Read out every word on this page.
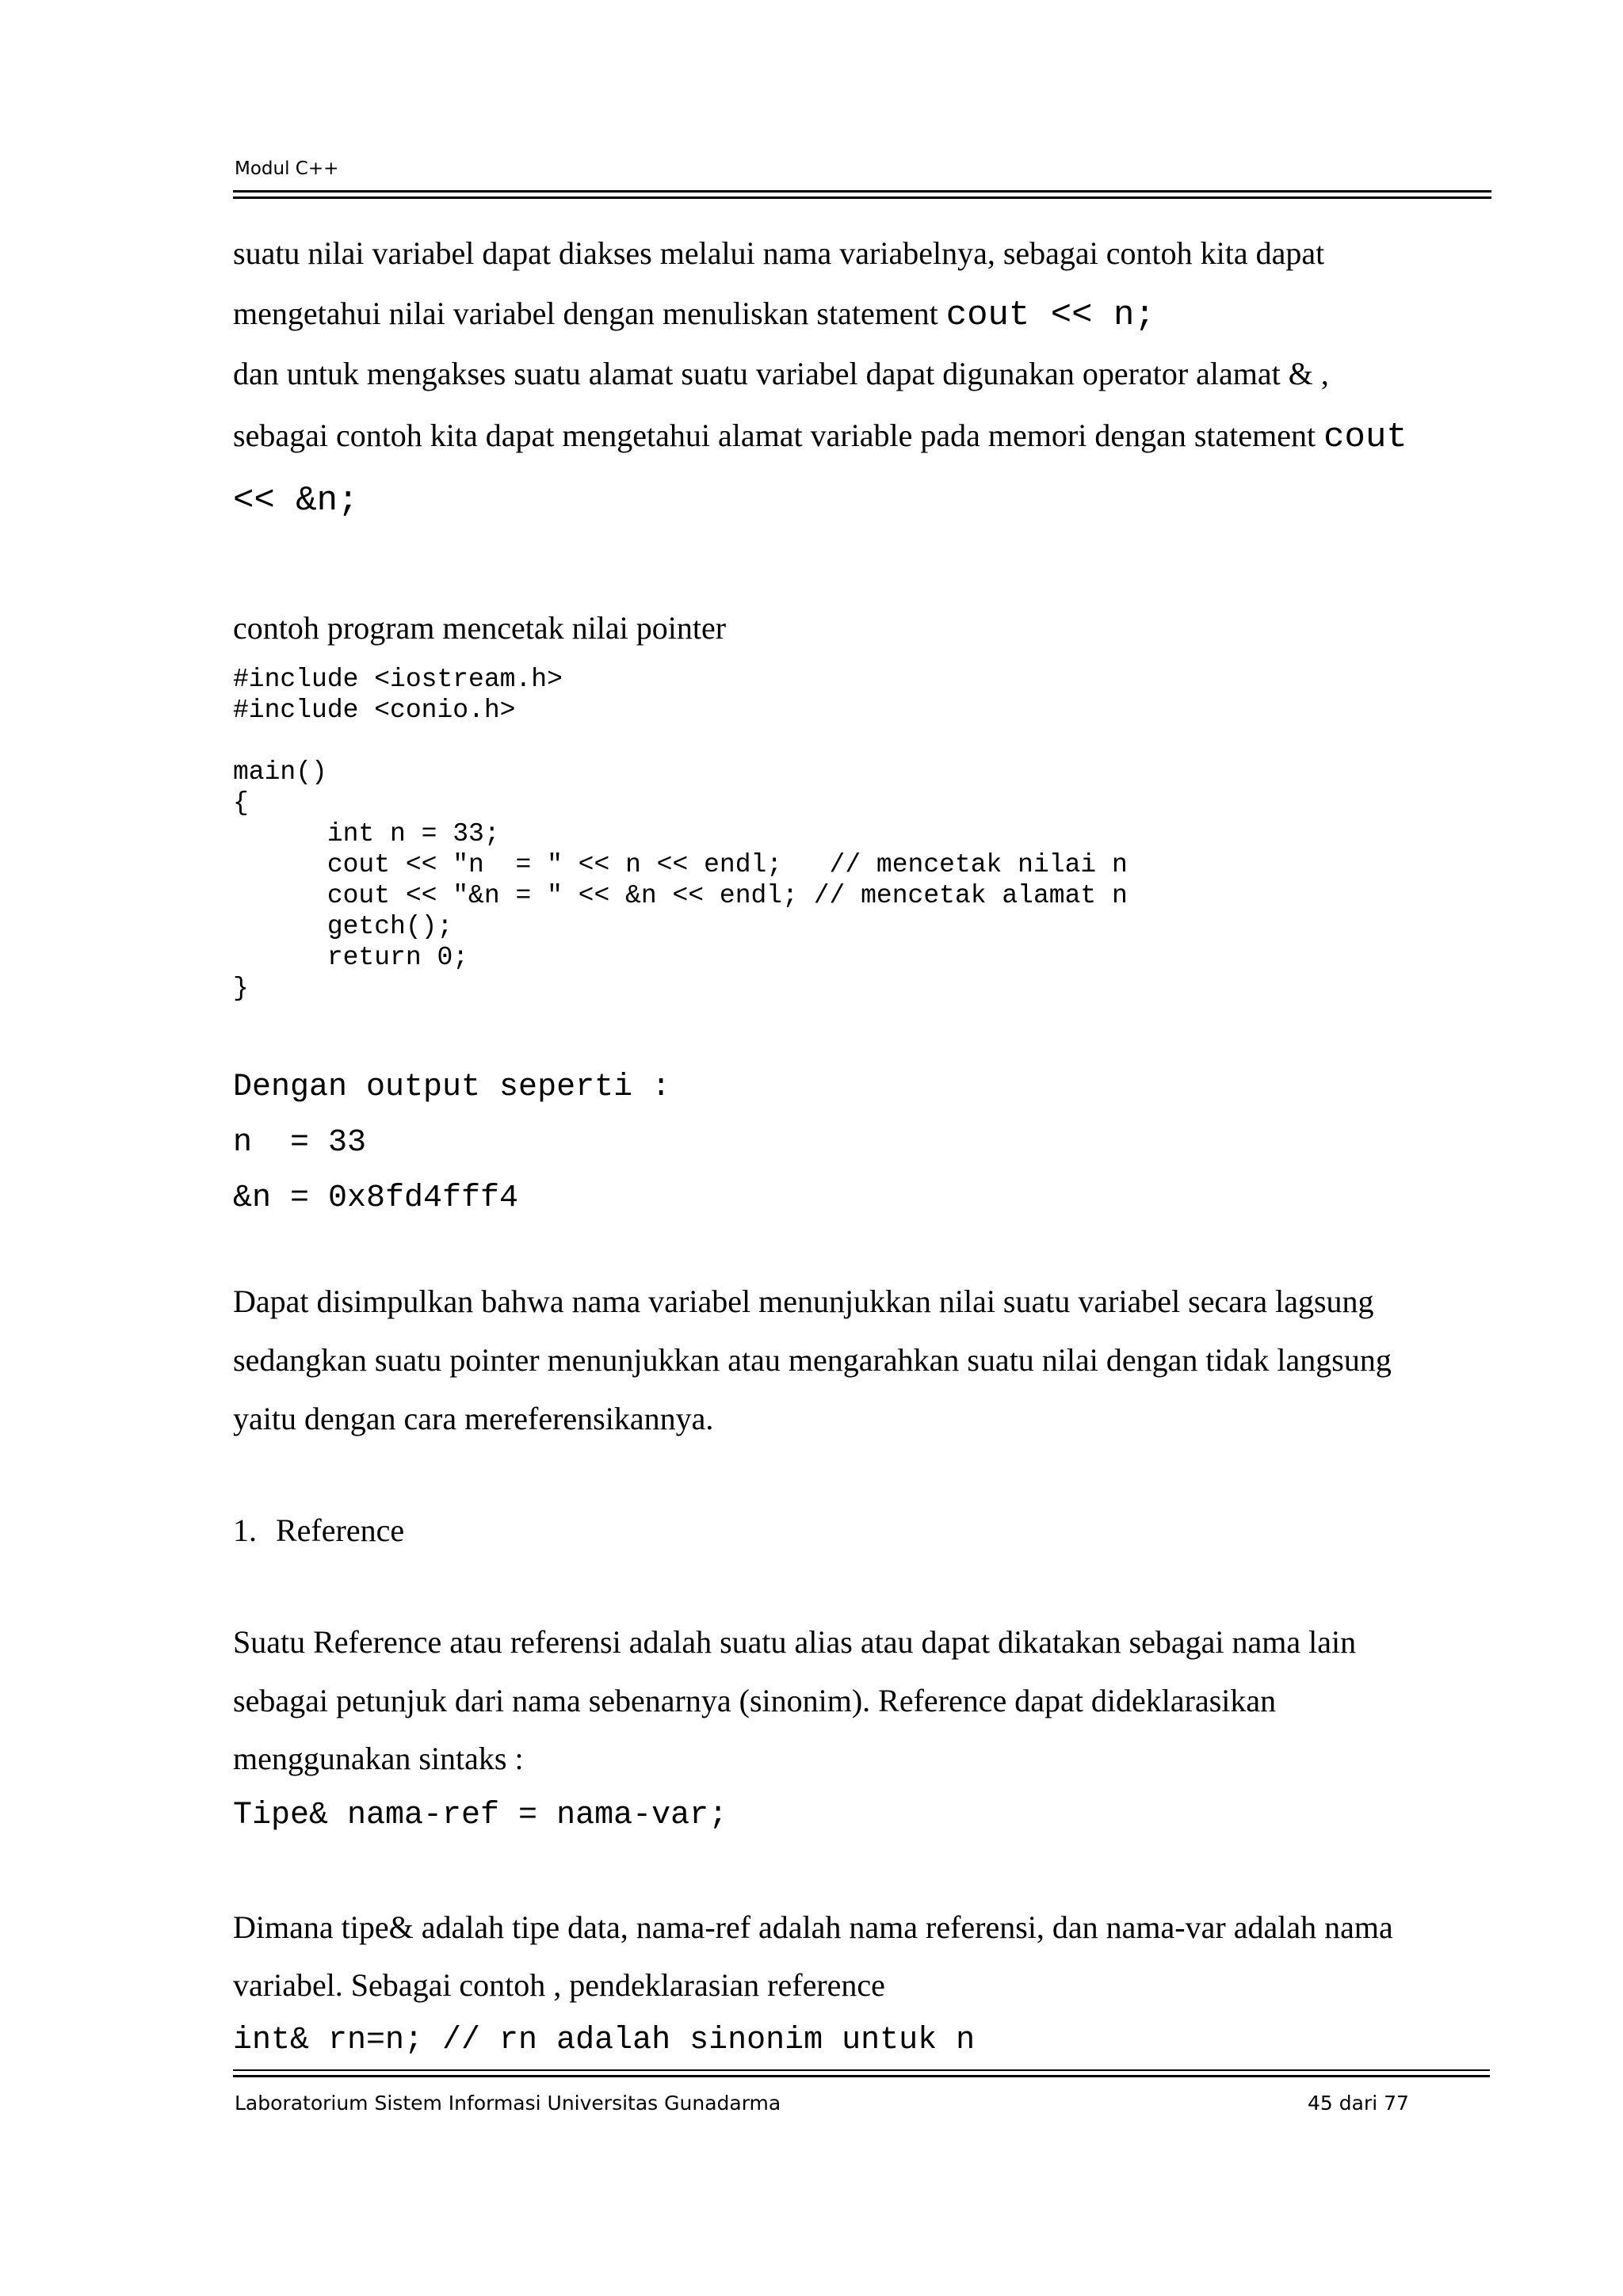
Modul C++
suatu nilai variabel dapat diakses melalui nama variabelnya, sebagai contoh kita dapat
mengetahui nilai variabel dengan menuliskan statement cout << n;
dan untuk mengakses suatu alamat suatu variabel dapat digunakan operator alamat & ,
sebagai contoh kita dapat mengetahui alamat variable pada memori dengan statement cout
<< &n;
contoh program mencetak nilai pointer
#include <iostream.h>
#include <conio.h>
main()
{
int n = 33;
cout << "n  = " << n << endl;   // mencetak nilai n
cout << "&n = " << &n << endl; // mencetak alamat n
getch();
return 0;
}
Dengan output seperti :
n  = 33
&n = 0x8fd4fff4
Dapat disimpulkan bahwa nama variabel menunjukkan nilai suatu variabel secara lagsung
sedangkan suatu pointer menunjukkan atau mengarahkan suatu nilai dengan tidak langsung
yaitu dengan cara mereferensikannya.
1. Reference
Suatu Reference atau referensi adalah suatu alias atau dapat dikatakan sebagai nama lain
sebagai petunjuk dari nama sebenarnya (sinonim). Reference dapat dideklarasikan
menggunakan sintaks :
Tipe& nama-ref = nama-var;
Dimana tipe& adalah tipe data, nama-ref adalah nama referensi, dan nama-var adalah nama
variabel. Sebagai contoh , pendeklarasian reference
int& rn=n; // rn adalah sinonim untuk n
Laboratorium Sistem Informasi Universitas Gunadarma	45 dari 77
